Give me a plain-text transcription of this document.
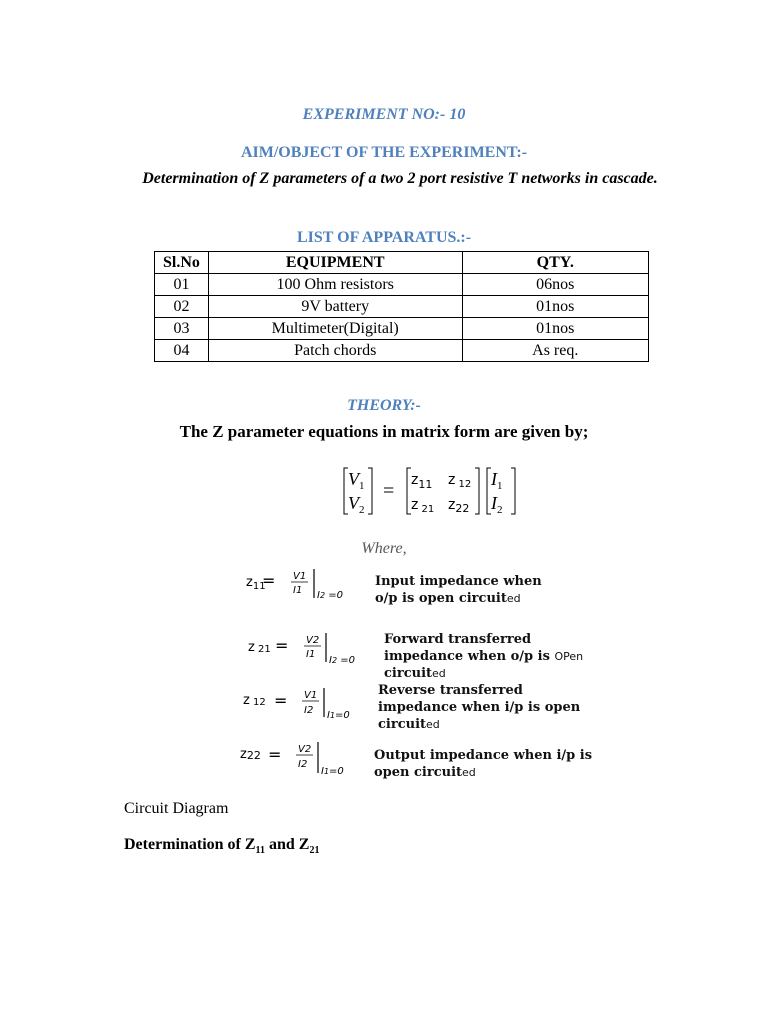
EXPERIMENT NO:- 10
AIM/OBJECT OF THE EXPERIMENT:-
Determination of Z parameters of a two 2 port resistive T networks in cascade.
LIST OF APPARATUS.:-
Sl.No	EQUIPMENT	QTY.
01	100 Ohm resistors	06nos
02	9V battery	01nos
03	Multimeter(Digital)	01nos
04	Patch chords	As req.
THEORY:-
The Z parameter equations in matrix form are given by;
$V_1$
$V_2$
$I_1$
$I_2$
= $z_{11}$ z $_{12}$
z $_{21}$ $z_{22}$
Where,
$z_{11}$
= V1
I1 I2 =0
Input impedance when
o/p is open circuited
z 21 = V2
I1
I2 =0
Forward transferred
impedance when o/p is OPen
circuited
z 12 = V1
I2 I1=0
Reverse transferred
impedance when i/p is open
circuited
z22 = V2
I2
I1=0
Output impedance when i/p is
open circuited
Circuit Diagram
Determination of $Z_{11}$ and $Z_{21}$
